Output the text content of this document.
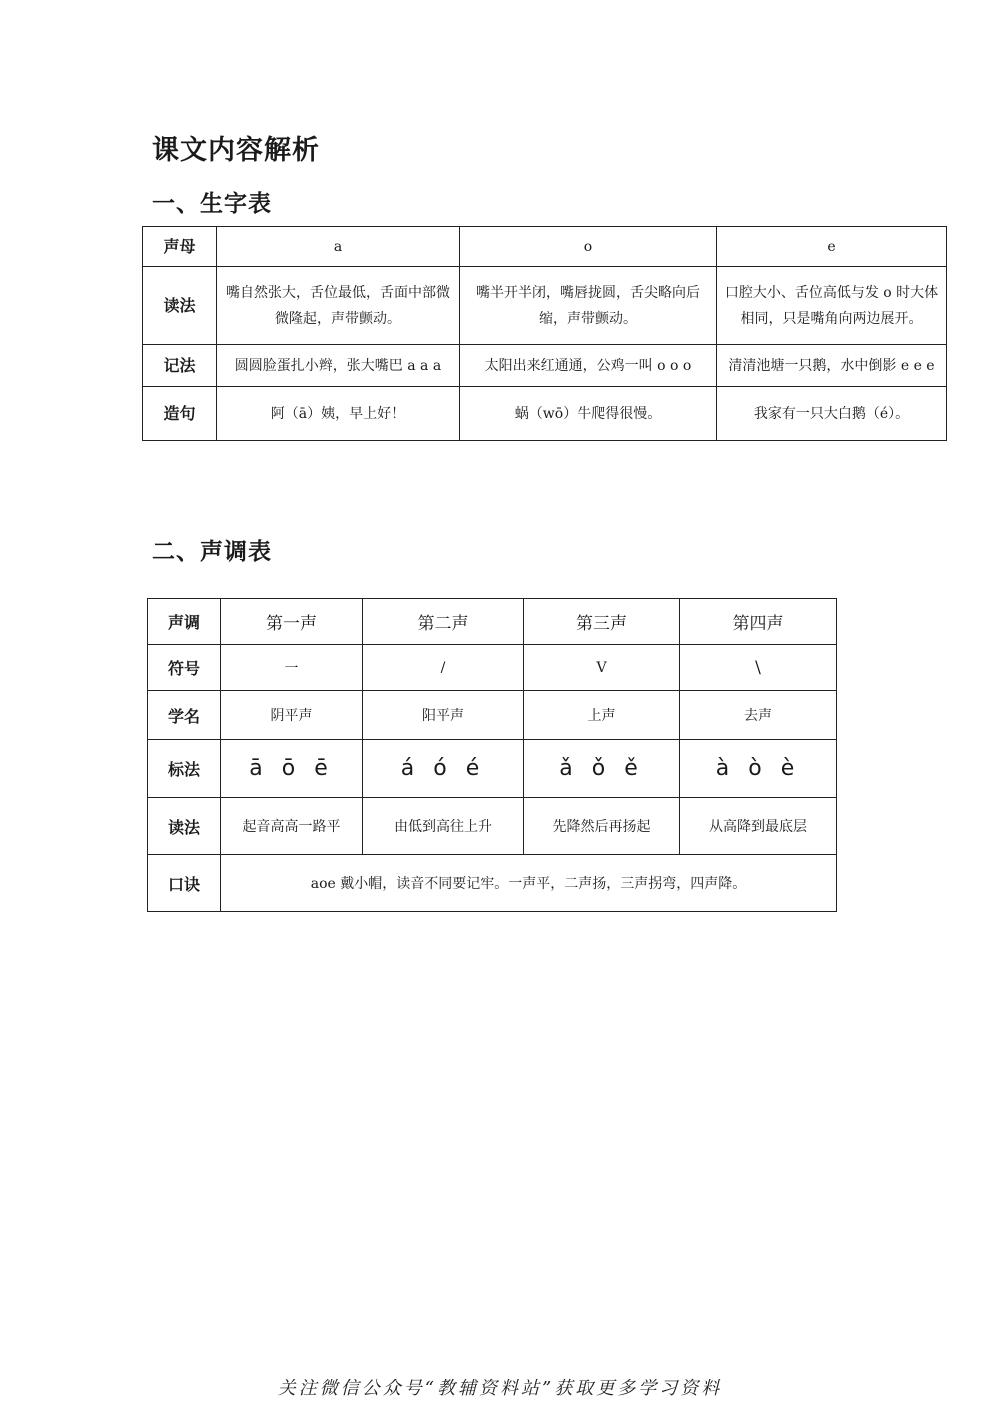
课文内容解析
一、生字表
声母	a	o	e
读法	嘴自然张大，舌位最低，舌面中部微微隆起，声带颤动。	嘴半开半闭，嘴唇拢圆，舌尖略向后缩，声带颤动。	口腔大小、舌位高低与发 o 时大体相同，只是嘴角向两边展开。
记法	圆圆脸蛋扎小辫，张大嘴巴 a a a	太阳出来红通通，公鸡一叫 o o o	清清池塘一只鹅，水中倒影 e e e
造句	阿（ā）姨，早上好！	蜗（wō）牛爬得很慢。	我家有一只大白鹅（é）。
二、声调表
声调	第一声	第二声	第三声	第四声
符号	一	/	V	\
学名	阴平声	阳平声	上声	去声
标法	ā ō ē	á ó é	ǎ ǒ ě	à ò è
读法	起音高高一路平	由低到高往上升	先降然后再扬起	从高降到最底层
口诀	aoe 戴小帽，读音不同要记牢。一声平，二声扬，三声拐弯，四声降。			
关注微信公众号“教辅资料站”获取更多学习资料
